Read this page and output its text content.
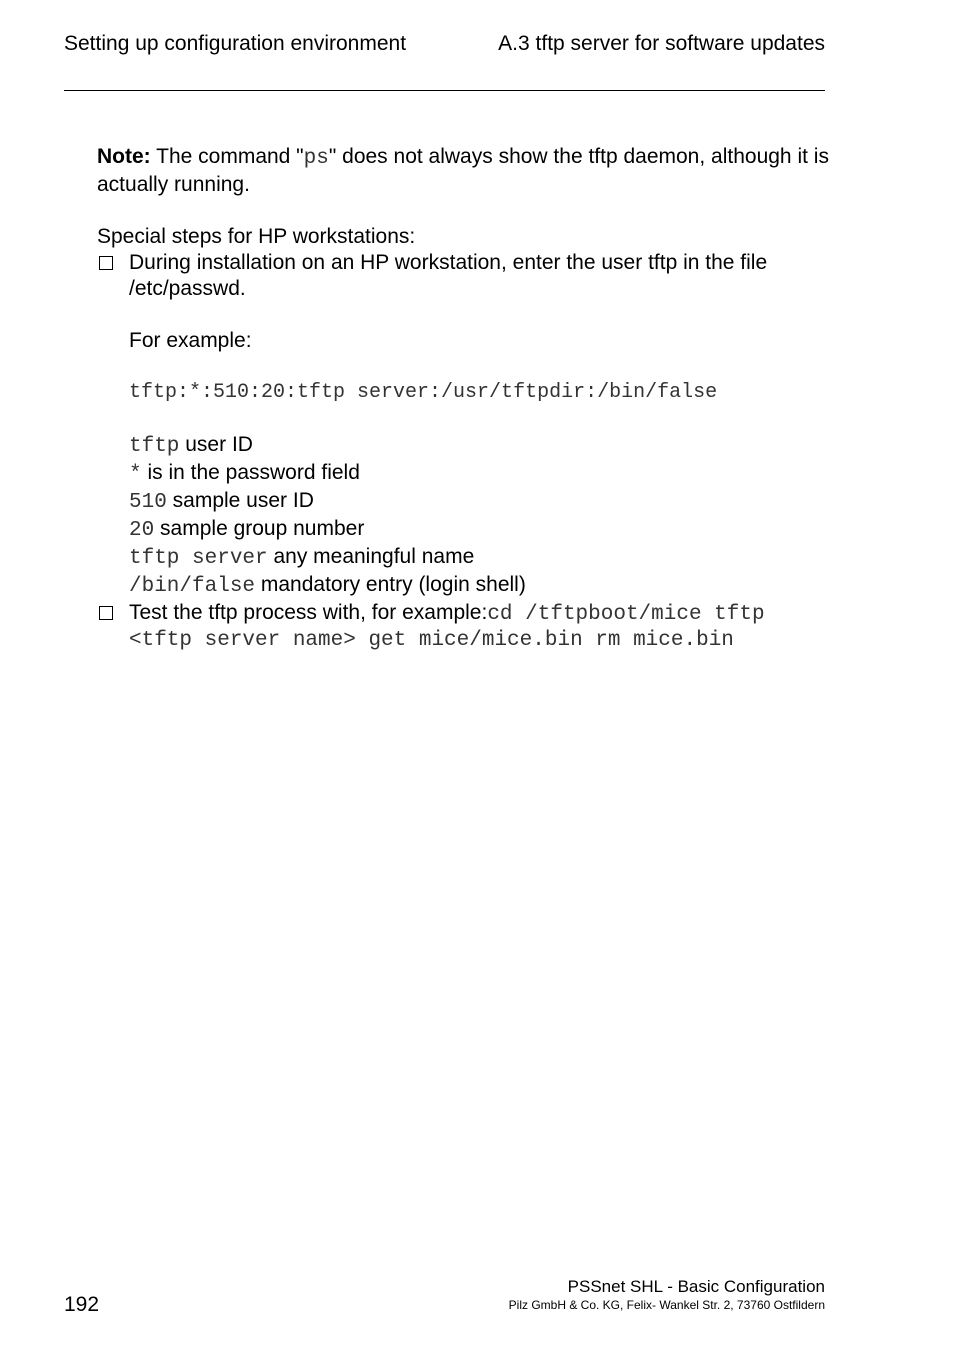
Setting up configuration environment	A.3 tftp server for software updates

Note: The command "ps" does not always show the tftp daemon, although it is actually running.

Special steps for HP workstations:

During installation on an HP workstation, enter the user tftp in the file /etc/passwd.
For example:
tftp:*:510:20:tftp server:/usr/tftpdir:/bin/false
tftp user ID
* is in the password field
510 sample user ID
20 sample group number
tftp server any meaningful name
/bin/false mandatory entry (login shell)
Test the tftp process with, for example:cd /tftpboot/mice tftp
<tftp server name> get mice/mice.bin rm mice.bin
192
PSSnet SHL - Basic Configuration
Pilz GmbH & Co. KG, Felix- Wankel Str. 2, 73760 Ostfildern
